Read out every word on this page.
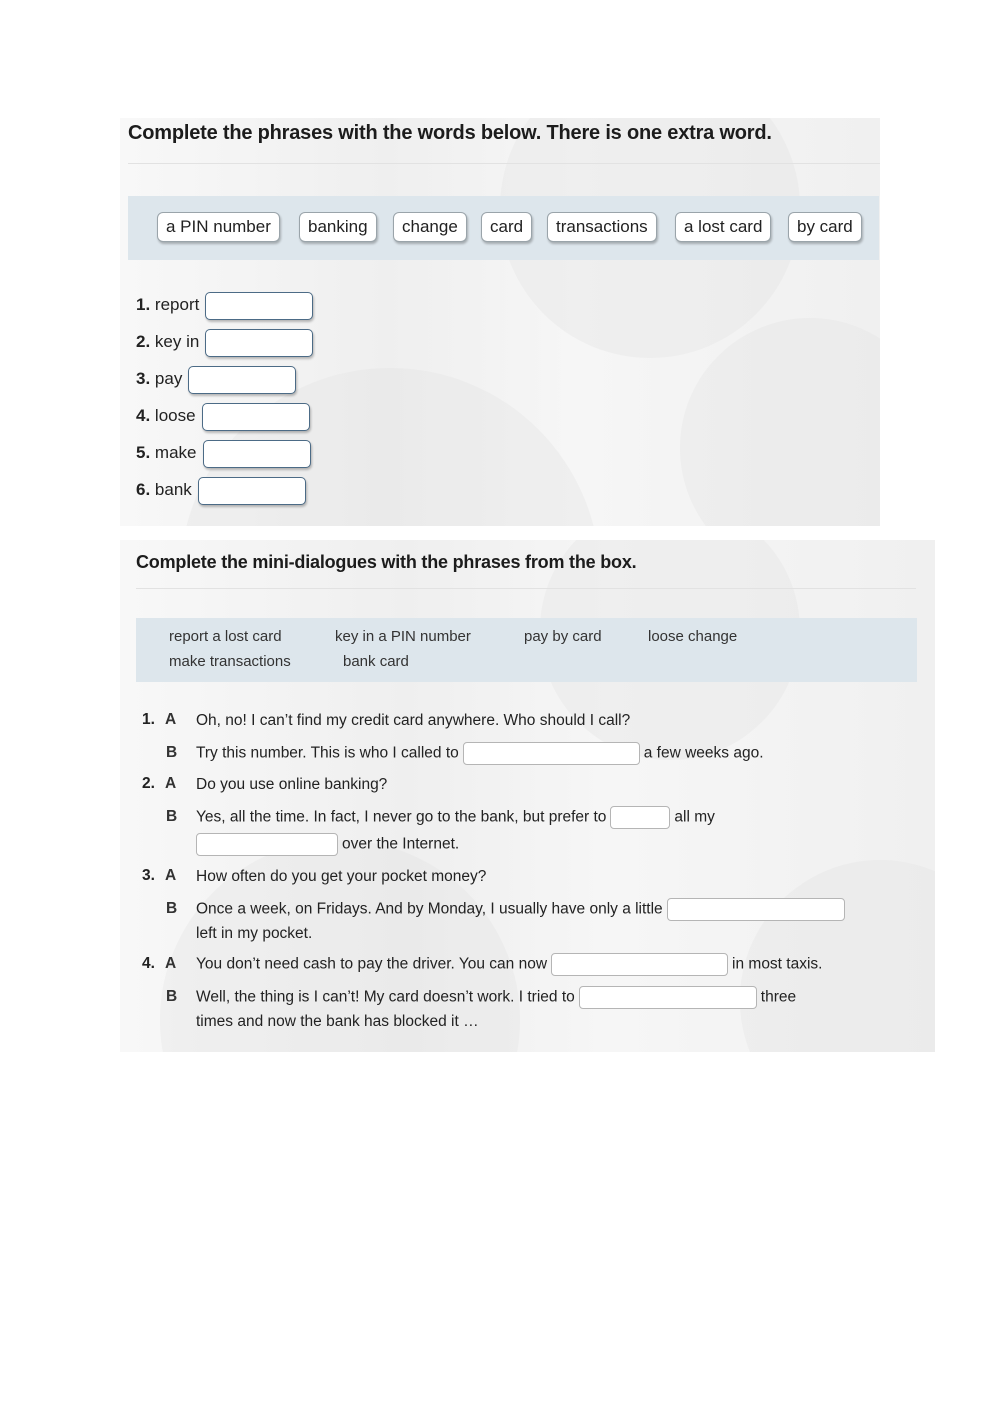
Complete the phrases with the words below. There is one extra word.
a PIN number	banking	change	card	transactions	a lost card	by card
1. report
2. key in
3. pay
4. loose
5. make
6. bank
Complete the mini-dialogues with the phrases from the box.
report a lost card	key in a PIN number	pay by card	loose change
make transactions	bank card
1. A Oh, no! I can’t find my credit card anywhere. Who should I call?
B Try this number. This is who I called to	a few weeks ago.
2. A Do you use online banking?
B Yes, all the time. In fact, I never go to the bank, but prefer to	all my
over the Internet.
3. A How often do you get your pocket money?
B Once a week, on Fridays. And by Monday, I usually have only a little
left in my pocket.
4. A You don’t need cash to pay the driver. You can now	in most taxis.
B Well, the thing is I can’t! My card doesn’t work. I tried to	three
times and now the bank has blocked it …
